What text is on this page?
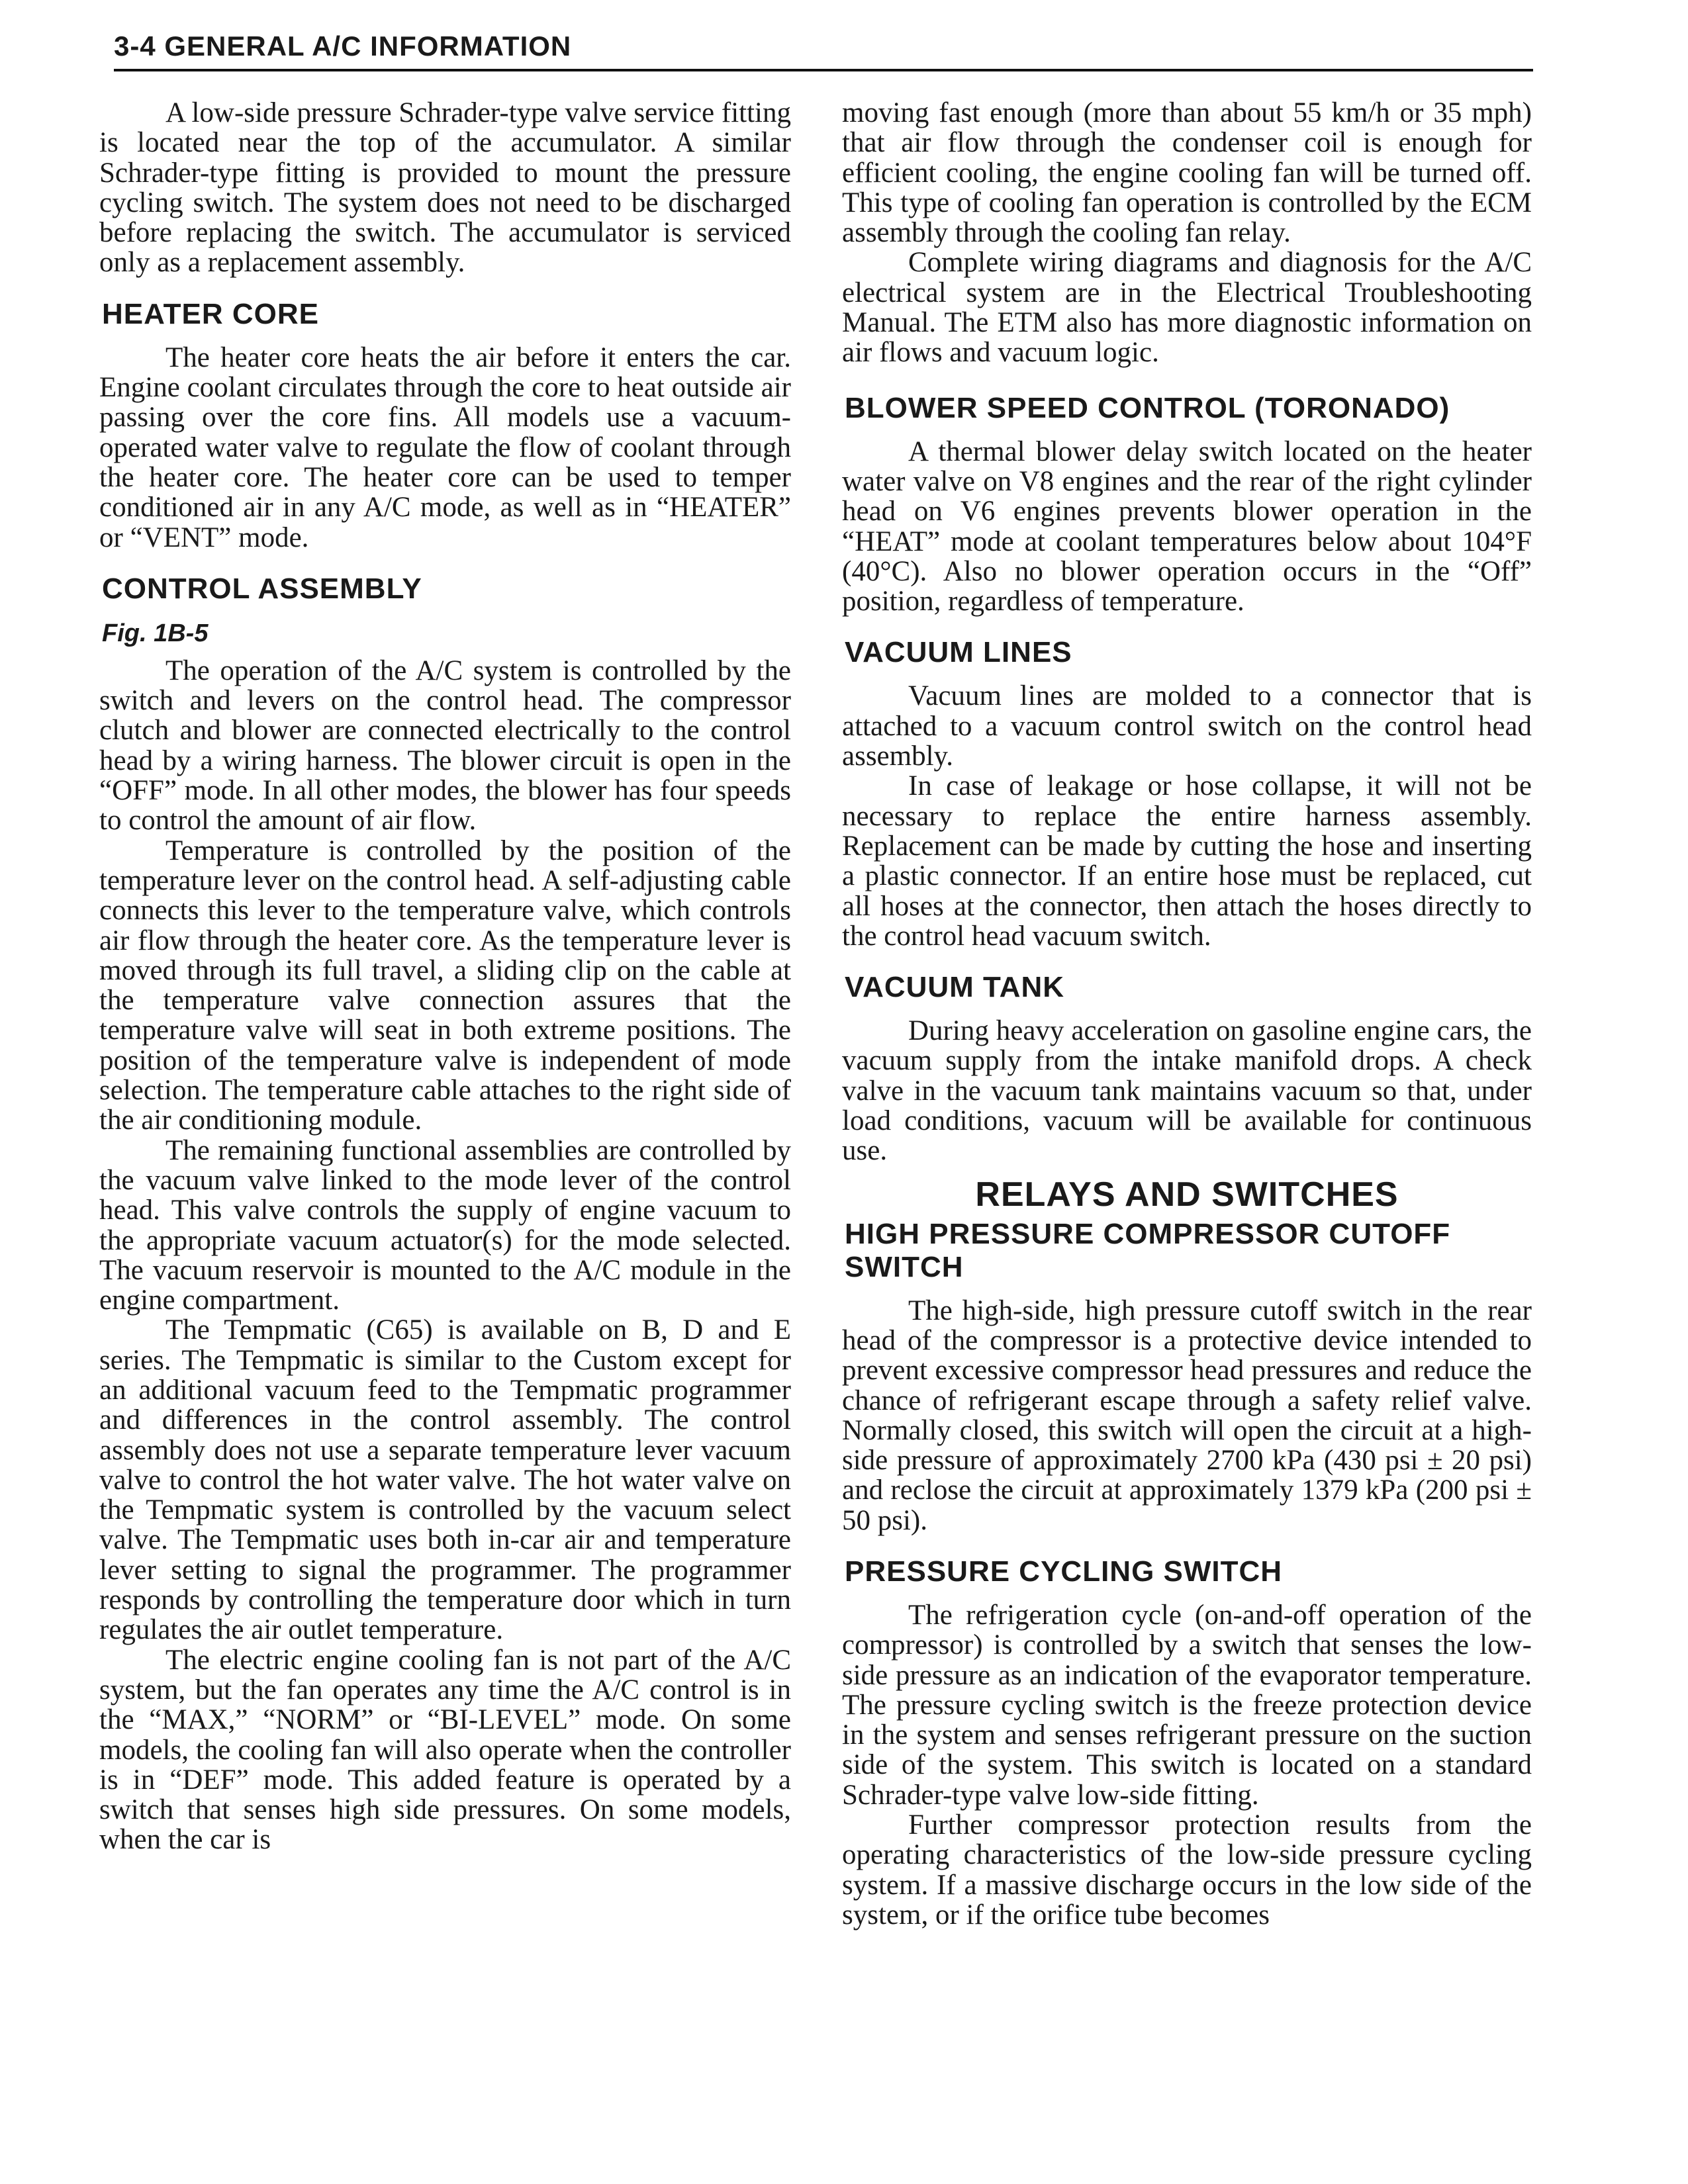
3-4 GENERAL A/C INFORMATION

A low-side pressure Schrader-type valve service fitting is located near the top of the accumulator. A similar Schrader-type fitting is provided to mount the pressure cycling switch. The system does not need to be discharged before replacing the switch. The accumulator is serviced only as a replacement assembly.

HEATER CORE

The heater core heats the air before it enters the car. Engine coolant circulates through the core to heat outside air passing over the core fins. All models use a vacuum-operated water valve to regulate the flow of coolant through the heater core. The heater core can be used to temper conditioned air in any A/C mode, as well as in “HEATER” or “VENT” mode.

CONTROL ASSEMBLY
Fig. 1B-5

The operation of the A/C system is controlled by the switch and levers on the control head. The compressor clutch and blower are connected electrically to the control head by a wiring harness. The blower circuit is open in the “OFF” mode. In all other modes, the blower has four speeds to control the amount of air flow.

Temperature is controlled by the position of the temperature lever on the control head. A self-adjusting cable connects this lever to the temperature valve, which controls air flow through the heater core. As the temperature lever is moved through its full travel, a sliding clip on the cable at the temperature valve connection assures that the temperature valve will seat in both extreme positions. The position of the temperature valve is independent of mode selection. The temperature cable attaches to the right side of the air conditioning module.

The remaining functional assemblies are controlled by the vacuum valve linked to the mode lever of the control head. This valve controls the supply of engine vacuum to the appropriate vacuum actuator(s) for the mode selected. The vacuum reservoir is mounted to the A/C module in the engine compartment.

The Tempmatic (C65) is available on B, D and E series. The Tempmatic is similar to the Custom except for an additional vacuum feed to the Tempmatic programmer and differences in the control assembly. The control assembly does not use a separate temperature lever vacuum valve to control the hot water valve. The hot water valve on the Tempmatic system is controlled by the vacuum select valve. The Tempmatic uses both in-car air and temperature lever setting to signal the programmer. The programmer responds by controlling the temperature door which in turn regulates the air outlet temperature.

The electric engine cooling fan is not part of the A/C system, but the fan operates any time the A/C control is in the “MAX,” “NORM” or “BI-LEVEL” mode. On some models, the cooling fan will also operate when the controller is in “DEF” mode. This added feature is operated by a switch that senses high side pressures. On some models, when the car is

moving fast enough (more than about 55 km/h or 35 mph) that air flow through the condenser coil is enough for efficient cooling, the engine cooling fan will be turned off. This type of cooling fan operation is controlled by the ECM assembly through the cooling fan relay.

Complete wiring diagrams and diagnosis for the A/C electrical system are in the Electrical Troubleshooting Manual. The ETM also has more diagnostic information on air flows and vacuum logic.

BLOWER SPEED CONTROL (TORONADO)

A thermal blower delay switch located on the heater water valve on V8 engines and the rear of the right cylinder head on V6 engines prevents blower operation in the “HEAT” mode at coolant temperatures below about 104°F (40°C). Also no blower operation occurs in the “Off” position, regardless of temperature.

VACUUM LINES

Vacuum lines are molded to a connector that is attached to a vacuum control switch on the control head assembly.

In case of leakage or hose collapse, it will not be necessary to replace the entire harness assembly. Replacement can be made by cutting the hose and inserting a plastic connector. If an entire hose must be replaced, cut all hoses at the connector, then attach the hoses directly to the control head vacuum switch.

VACUUM TANK

During heavy acceleration on gasoline engine cars, the vacuum supply from the intake manifold drops. A check valve in the vacuum tank maintains vacuum so that, under load conditions, vacuum will be available for continuous use.

RELAYS AND SWITCHES
HIGH PRESSURE COMPRESSOR CUTOFF SWITCH

The high-side, high pressure cutoff switch in the rear head of the compressor is a protective device intended to prevent excessive compressor head pressures and reduce the chance of refrigerant escape through a safety relief valve. Normally closed, this switch will open the circuit at a high-side pressure of approximately 2700 kPa (430 psi ± 20 psi) and reclose the circuit at approximately 1379 kPa (200 psi ± 50 psi).

PRESSURE CYCLING SWITCH

The refrigeration cycle (on-and-off operation of the compressor) is controlled by a switch that senses the low-side pressure as an indication of the evaporator temperature. The pressure cycling switch is the freeze protection device in the system and senses refrigerant pressure on the suction side of the system. This switch is located on a standard Schrader-type valve low-side fitting.

Further compressor protection results from the operating characteristics of the low-side pressure cycling system. If a massive discharge occurs in the low side of the system, or if the orifice tube becomes
